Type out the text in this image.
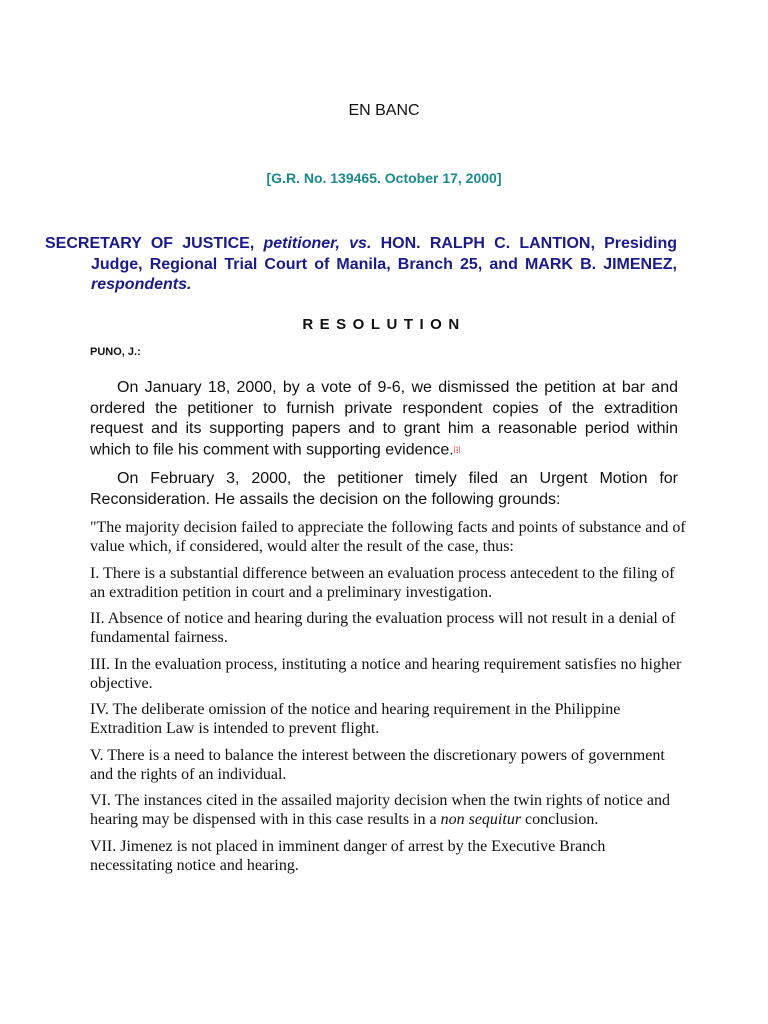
EN BANC

[G.R. No. 139465. October 17, 2000]

SECRETARY OF JUSTICE, petitioner, vs. HON. RALPH C. LANTION, Presiding Judge, Regional Trial Court of Manila, Branch 25, and MARK B. JIMENEZ, respondents.

RESOLUTION

PUNO, J.:

On January 18, 2000, by a vote of 9-6, we dismissed the petition at bar and ordered the petitioner to furnish private respondent copies of the extradition request and its supporting papers and to grant him a reasonable period within which to file his comment with supporting evidence.[1]

On February 3, 2000, the petitioner timely filed an Urgent Motion for Reconsideration. He assails the decision on the following grounds:

"The majority decision failed to appreciate the following facts and points of substance and of value which, if considered, would alter the result of the case, thus:

I. There is a substantial difference between an evaluation process antecedent to the filing of an extradition petition in court and a preliminary investigation.

II. Absence of notice and hearing during the evaluation process will not result in a denial of fundamental fairness.

III. In the evaluation process, instituting a notice and hearing requirement satisfies no higher objective.

IV. The deliberate omission of the notice and hearing requirement in the Philippine Extradition Law is intended to prevent flight.

V. There is a need to balance the interest between the discretionary powers of government and the rights of an individual.

VI. The instances cited in the assailed majority decision when the twin rights of notice and hearing may be dispensed with in this case results in a non sequitur conclusion.

VII. Jimenez is not placed in imminent danger of arrest by the Executive Branch necessitating notice and hearing.
